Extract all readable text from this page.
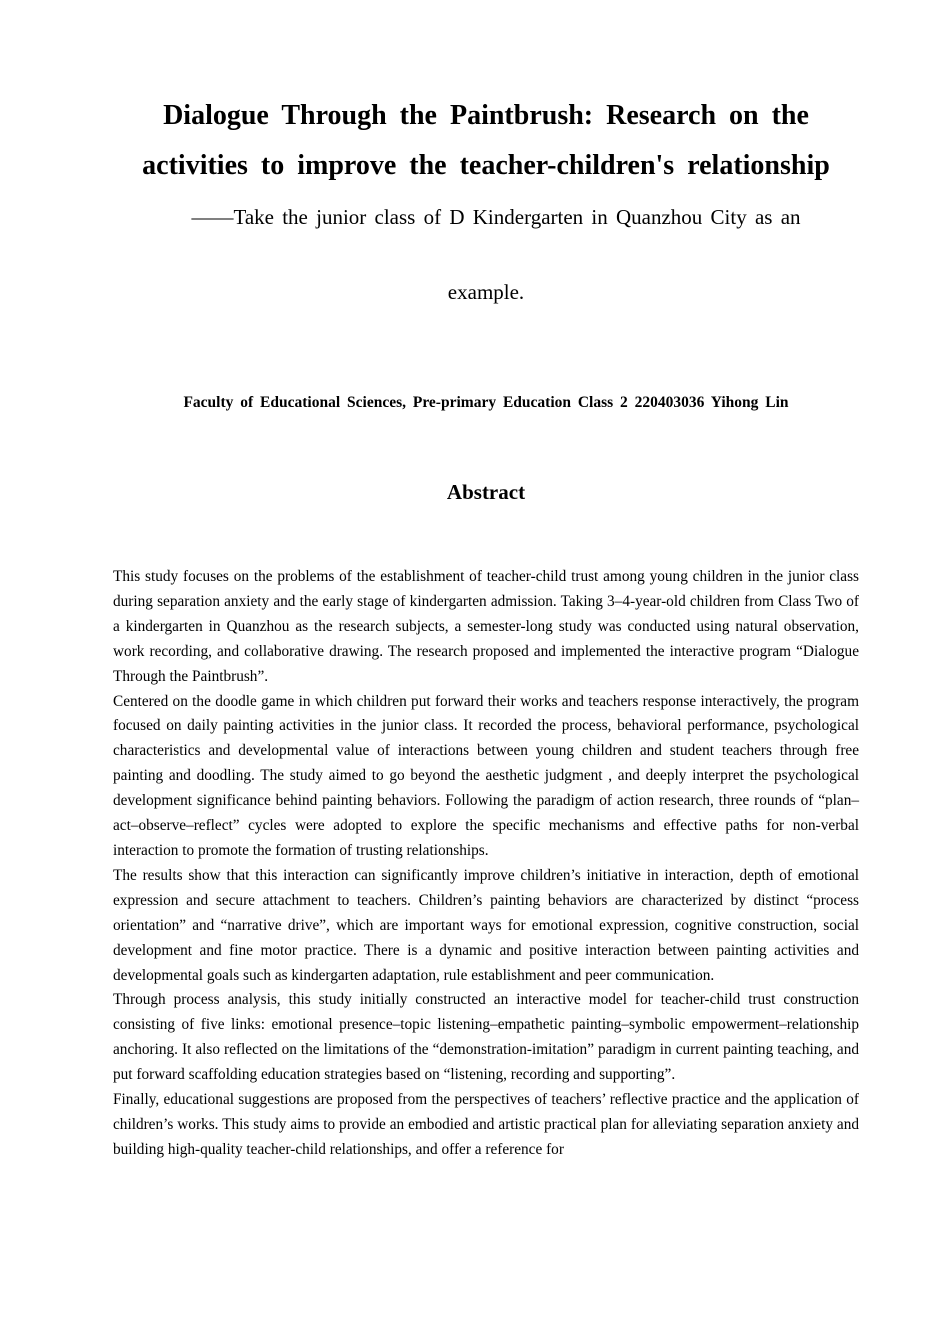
Dialogue Through the Paintbrush: Research on the
activities to improve the teacher-children's relationship
——Take the junior class of D Kindergarten in Quanzhou City as an
example.
Faculty of Educational Sciences, Pre-primary Education Class 2 220403036 Yihong Lin
Abstract

This study focuses on the problems of the establishment of teacher-child trust among young children in the junior class during separation anxiety and the early stage of kindergarten admission. Taking 3–4-year-old children from Class Two of a kindergarten in Quanzhou as the research subjects, a semester-long study was conducted using natural observation, work recording, and collaborative drawing. The research proposed and implemented the interactive program “Dialogue Through the Paintbrush”.

Centered on the doodle game in which children put forward their works and teachers response interactively, the program focused on daily painting activities in the junior class. It recorded the process, behavioral performance, psychological characteristics and developmental value of interactions between young children and student teachers through free painting and doodling. The study aimed to go beyond the aesthetic judgment , and deeply interpret the psychological development significance behind painting behaviors. Following the paradigm of action research, three rounds of “plan–act–observe–reflect” cycles were adopted to explore the specific mechanisms and effective paths for non-verbal interaction to promote the formation of trusting relationships.

The results show that this interaction can significantly improve children’s initiative in interaction, depth of emotional expression and secure attachment to teachers. Children’s painting behaviors are characterized by distinct “process orientation” and “narrative drive”, which are important ways for emotional expression, cognitive construction, social development and fine motor practice. There is a dynamic and positive interaction between painting activities and developmental goals such as kindergarten adaptation, rule establishment and peer communication.

Through process analysis, this study initially constructed an interactive model for teacher-child trust construction consisting of five links: emotional presence–topic listening–empathetic painting–symbolic empowerment–relationship anchoring. It also reflected on the limitations of the “demonstration-imitation” paradigm in current painting teaching, and put forward scaffolding education strategies based on “listening, recording and supporting”.

Finally, educational suggestions are proposed from the perspectives of teachers’ reflective practice and the application of children’s works. This study aims to provide an embodied and artistic practical plan for alleviating separation anxiety and building high-quality teacher-child relationships, and offer a reference for
